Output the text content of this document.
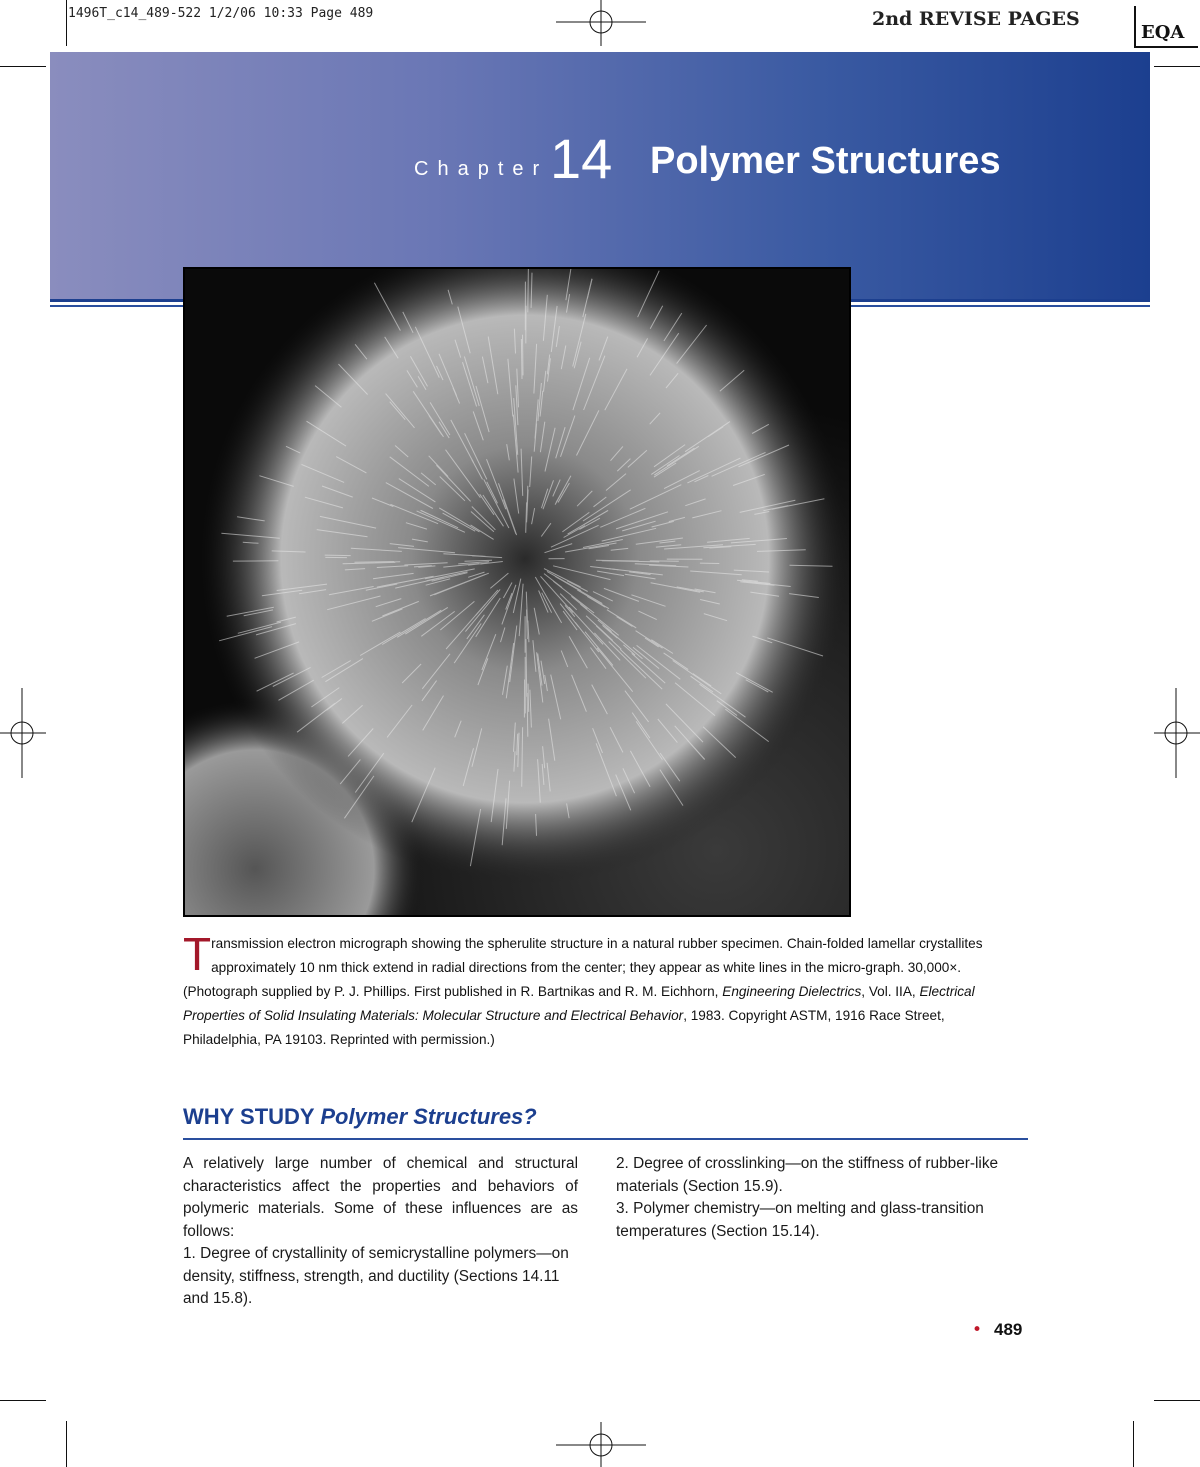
1496T_c14_489-522 1/2/06 10:33 Page 489	2nd REVISE PAGES
EQA
Chapter 14 Polymer Structures
Transmission electron micrograph showing the spherulite structure in a natural rubber specimen. Chain-folded lamellar crystallites approximately 10 nm thick extend in radial directions from the center; they appear as white lines in the micro-graph. 30,000×. (Photograph supplied by P. J. Phillips. First published in R. Bartnikas and R. M. Eichhorn, Engineering Dielectrics, Vol. IIA, Electrical Properties of Solid Insulating Materials: Molecular Structure and Electrical Behavior, 1983. Copyright ASTM, 1916 Race Street, Philadelphia, PA 19103. Reprinted with permission.)
WHY STUDY Polymer Structures?

A relatively large number of chemical and structural characteristics affect the properties and behaviors of polymeric materials. Some of these influences are as follows:

1. Degree of crystallinity of semicrystalline polymers—on density, stiffness, strength, and ductility (Sections 14.11 and 15.8).

2. Degree of crosslinking—on the stiffness of rubber-like materials (Section 15.9).

3. Polymer chemistry—on melting and glass-transition temperatures (Section 15.14).

• 489
